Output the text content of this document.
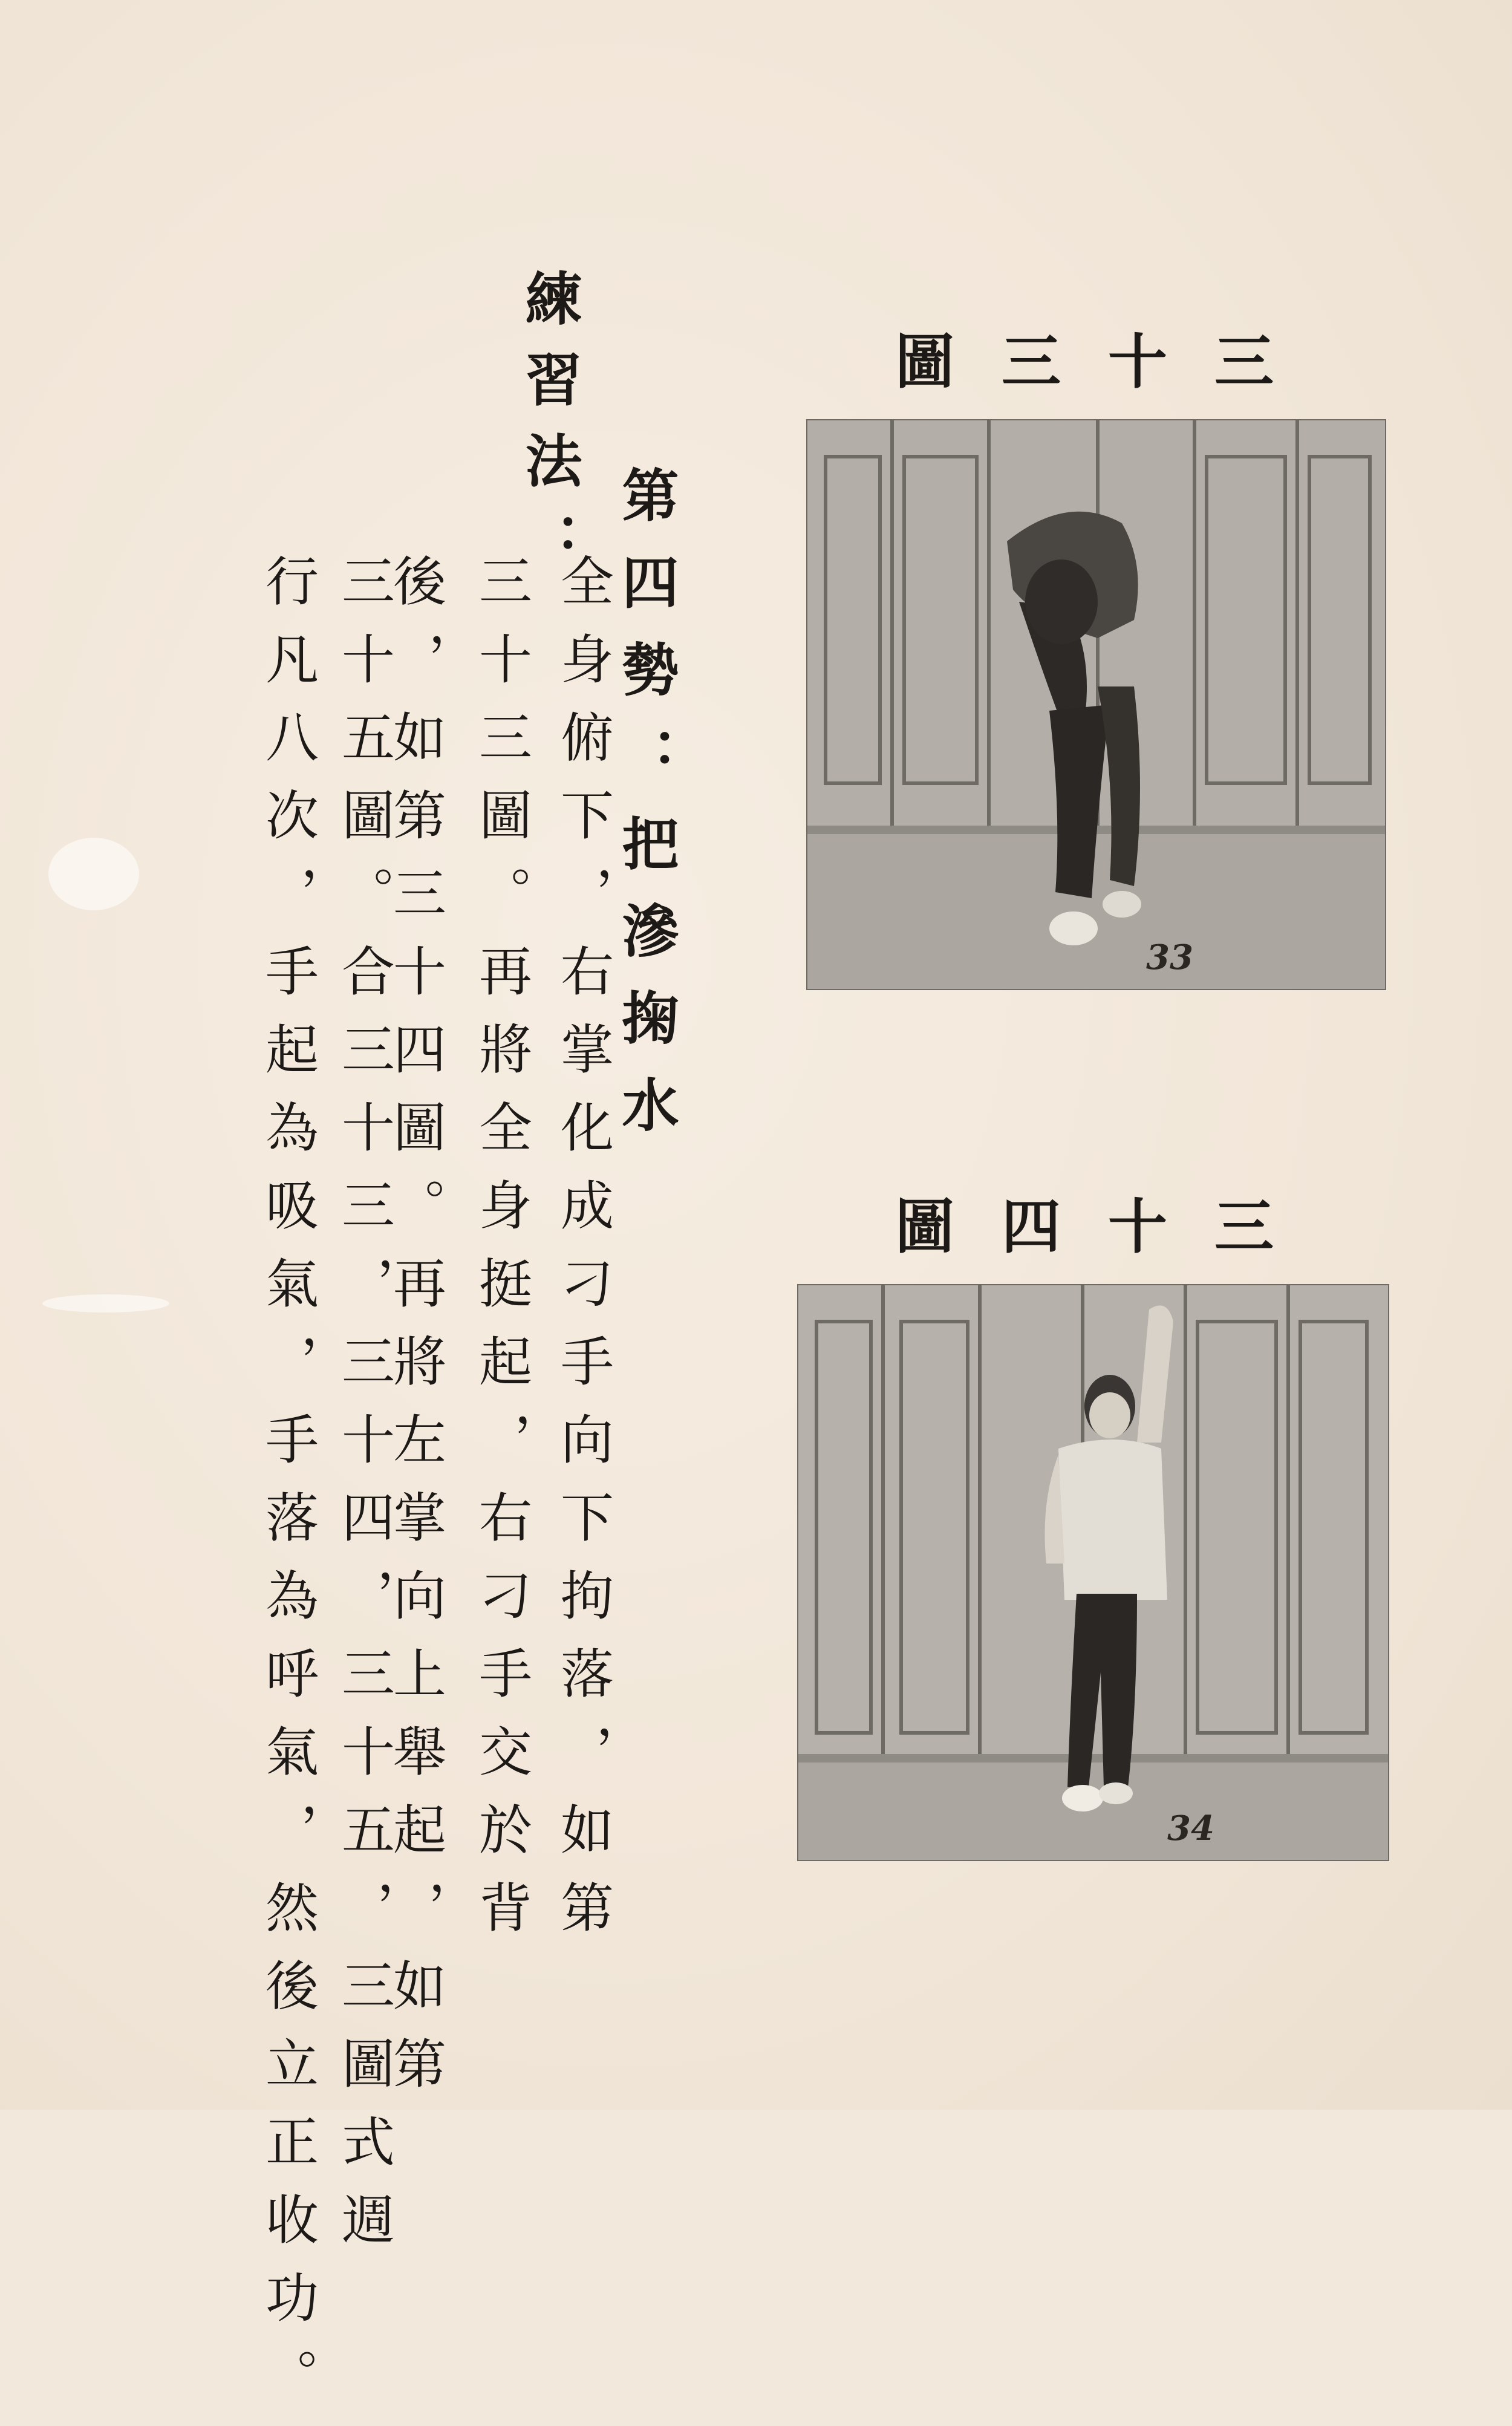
練習法：
第四勢：把滲掬水
全身俯下，右掌化成刁手向下拘落，如第
三十三圖。再將全身挺起，右刁手交於背
後，如第三十四圖。再將左掌向上舉起，如第
三十五圖。合三十三，三十四，三十五，三圖式週
行凡八次，手起為吸氣，手落為呼氣，然後立正收功。
圖三十三
33
圖四十三
34
